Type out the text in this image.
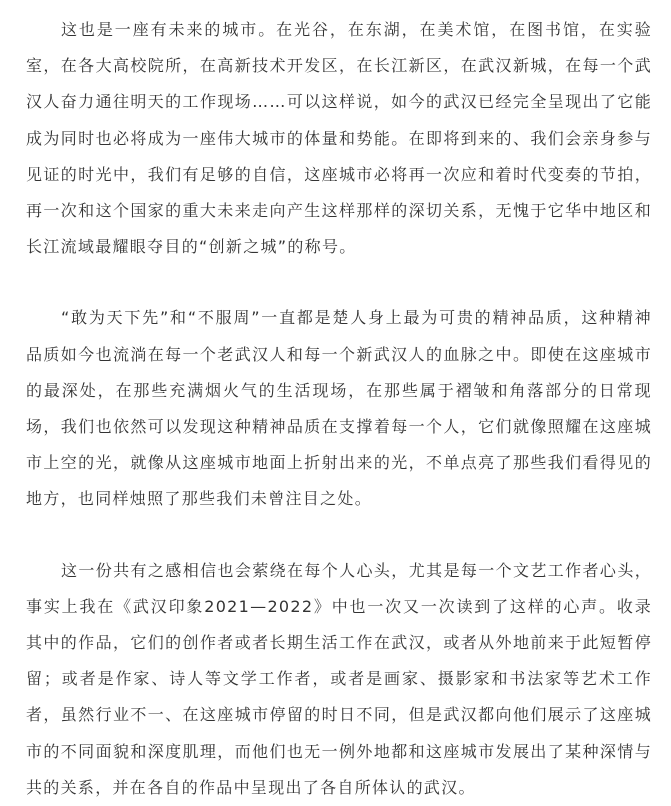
这也是一座有未来的城市。在光谷，在东湖，在美术馆，在图书馆，在实验室，在各大高校院所，在高新技术开发区，在长江新区，在武汉新城，在每一个武汉人奋力通往明天的工作现场……可以这样说，如今的武汉已经完全呈现出了它能成为同时也必将成为一座伟大城市的体量和势能。在即将到来的、我们会亲身参与见证的时光中，我们有足够的自信，这座城市必将再一次应和着时代变奏的节拍，再一次和这个国家的重大未来走向产生这样那样的深切关系，无愧于它华中地区和长江流域最耀眼夺目的“创新之城”的称号。

“敢为天下先”和“不服周”一直都是楚人身上最为可贵的精神品质，这种精神品质如今也流淌在每一个老武汉人和每一个新武汉人的血脉之中。即使在这座城市的最深处，在那些充满烟火气的生活现场，在那些属于褶皱和角落部分的日常现场，我们也依然可以发现这种精神品质在支撑着每一个人，它们就像照耀在这座城市上空的光，就像从这座城市地面上折射出来的光，不单点亮了那些我们看得见的地方，也同样烛照了那些我们未曾注目之处。

这一份共有之感相信也会萦绕在每个人心头，尤其是每一个文艺工作者心头，事实上我在《武汉印象2021—2022》中也一次又一次读到了这样的心声。收录其中的作品，它们的创作者或者长期生活工作在武汉，或者从外地前来于此短暂停留；或者是作家、诗人等文学工作者，或者是画家、摄影家和书法家等艺术工作者，虽然行业不一、在这座城市停留的时日不同，但是武汉都向他们展示了这座城市的不同面貌和深度肌理，而他们也无一例外地都和这座城市发展出了某种深情与共的关系，并在各自的作品中呈现出了各自所体认的武汉。
